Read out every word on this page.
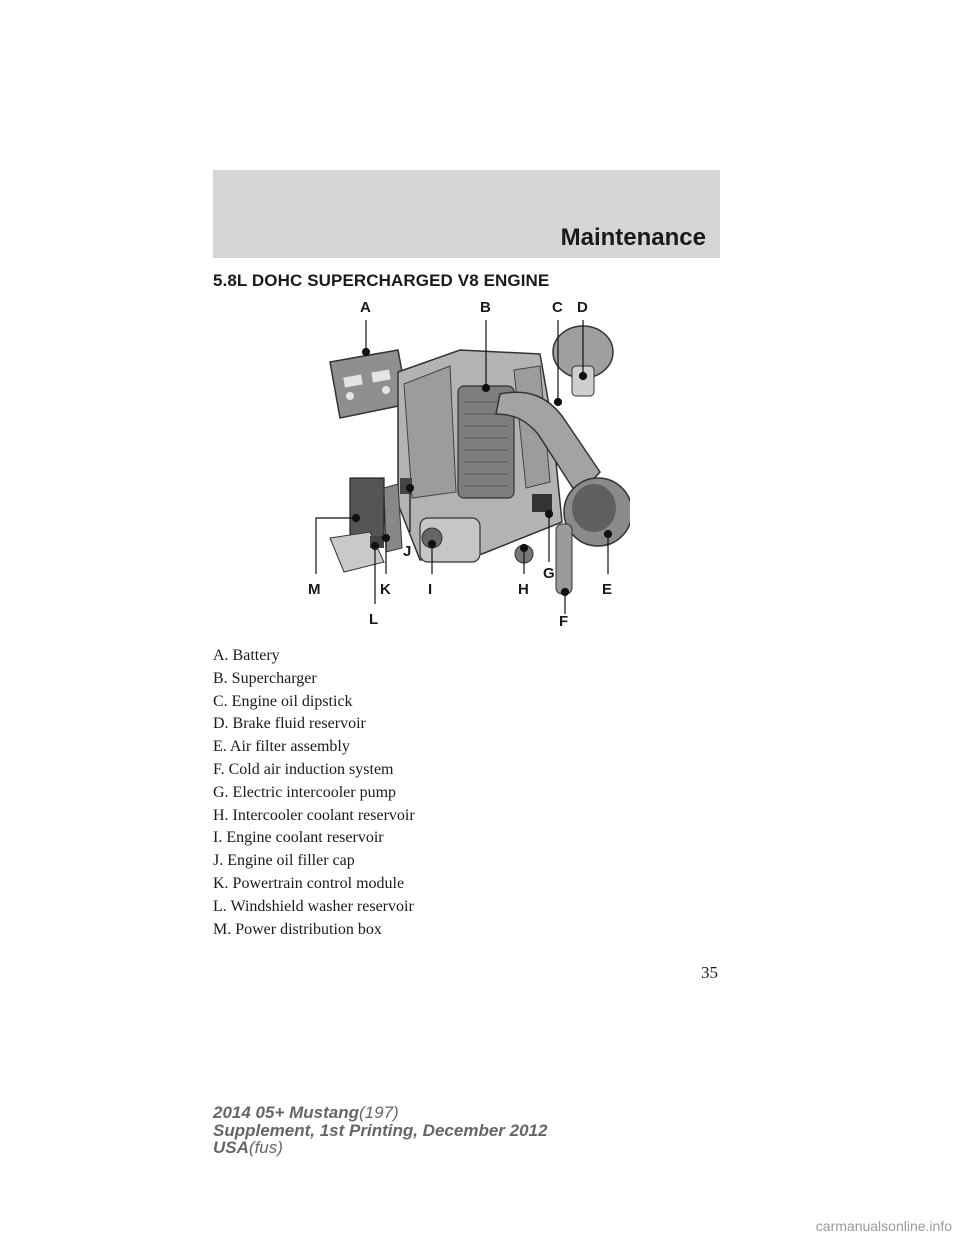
Maintenance
5.8L DOHC SUPERCHARGED V8 ENGINE
A	B	C D
E
F
G
H
I
J
K
L
M
A. Battery
B. Supercharger
C. Engine oil dipstick
D. Brake fluid reservoir
E. Air filter assembly
F. Cold air induction system
G. Electric intercooler pump
H. Intercooler coolant reservoir
I. Engine coolant reservoir
J. Engine oil filler cap
K. Powertrain control module
L. Windshield washer reservoir
M. Power distribution box
35
2014 05+ Mustang(197)
Supplement, 1st Printing, December 2012
USA(fus)
carmanualsonline.info
